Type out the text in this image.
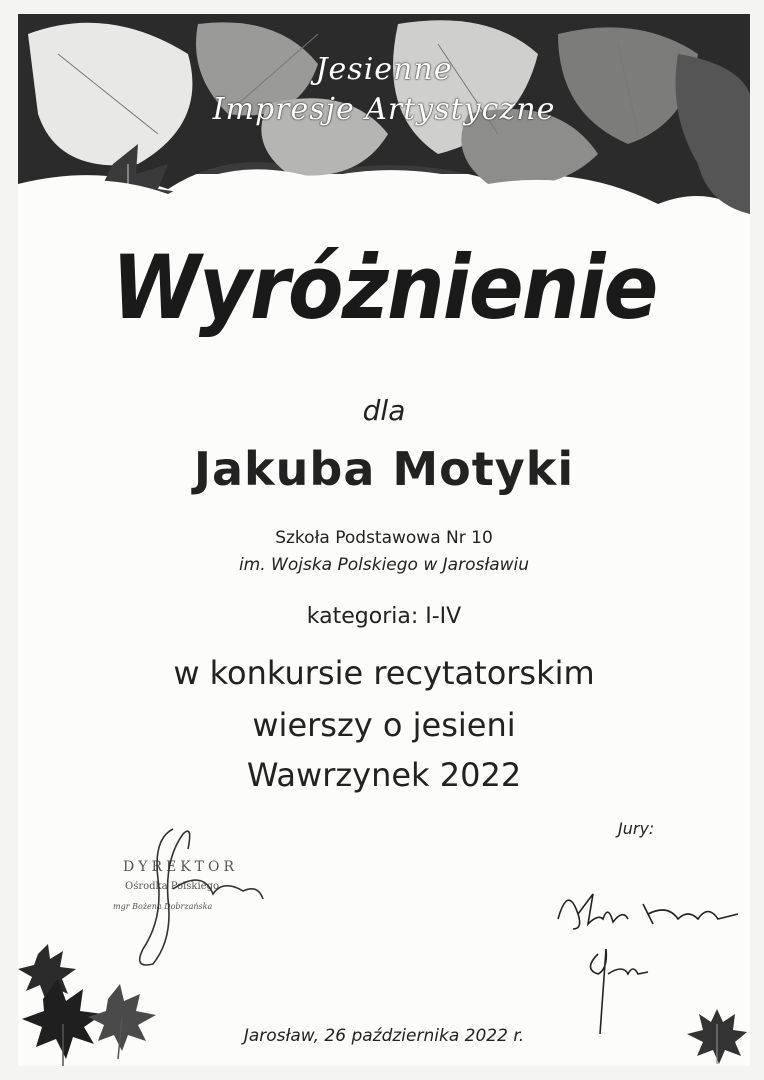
Jesienne
Impresje Artystyczne
Wyróżnienie
dla
Jakuba Motyki
Szkoła Podstawowa Nr 10
im. Wojska Polskiego w Jarosławiu
kategoria: I-IV
w konkursie recytatorskim
wierszy o jesieni
Wawrzynek 2022
DYREKTOR
Ośrodka Polskiego
mgr Bożena Dobrzańska
Jury:
Jarosław, 26 października 2022 r.
